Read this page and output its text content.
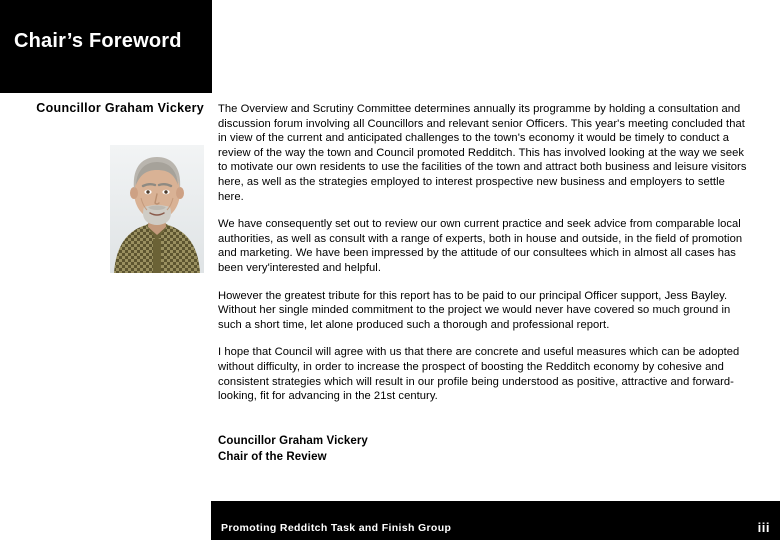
Chair’s Foreword
Councillor Graham Vickery The Overview and Scrutiny Committee determines annually its programme by holding a consultation and discussion forum involving all Councillors and relevant senior Officers. This year's meeting concluded that in view of the current and anticipated challenges to the town's economy it would be timely to conduct a review of the way the town and Council promoted Redditch. This has involved looking at the way we seek to motivate our own residents to use the facilities of the town and attract both business and leisure visitors here, as well as the strategies employed to interest prospective new business and employers to settle here.

We have consequently set out to review our own current practice and seek advice from comparable local authorities, as well as consult with a range of experts, both in house and outside, in the field of promotion and marketing. We have been impressed by the attitude of our consultees which in almost all cases has been very'interested and helpful.

However the greatest tribute for this report has to be paid to our principal Officer support, Jess Bayley. Without her single minded commitment to the project we would never have covered so much ground in such a short time, let alone produced such a thorough and professional report.

I hope that Council will agree with us that there are concrete and useful measures which can be adopted without difficulty, in order to increase the prospect of boosting the Redditch economy by cohesive and consistent strategies which will result in our profile being understood as positive, attractive and forward-looking, fit for advancing in the 21st century.

Councillor Graham Vickery
Chair of the Review
Promoting Redditch Task and Finish Group	iii
